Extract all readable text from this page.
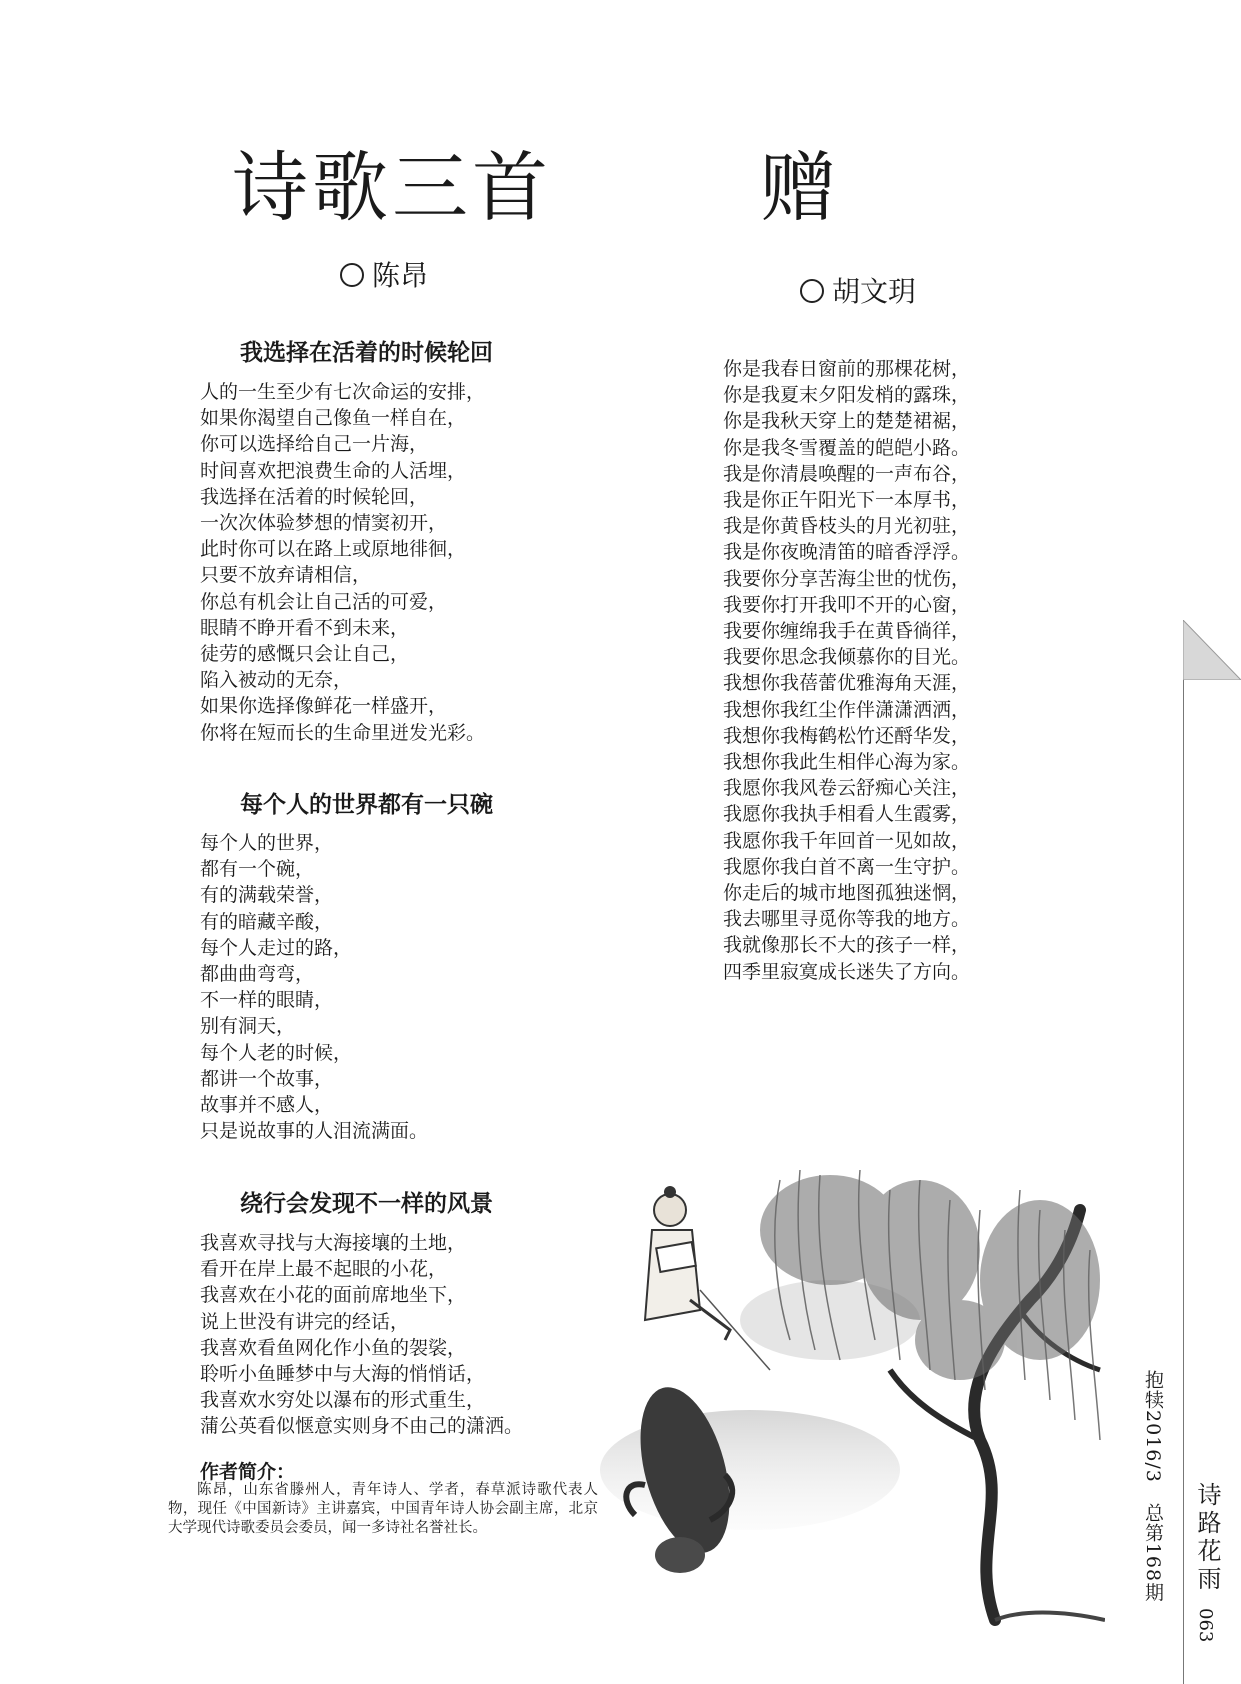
诗歌三首
陈昂
我选择在活着的时候轮回
人的一生至少有七次命运的安排，
如果你渴望自己像鱼一样自在，
你可以选择给自己一片海，
时间喜欢把浪费生命的人活埋，
我选择在活着的时候轮回，
一次次体验梦想的情窦初开，
此时你可以在路上或原地徘徊，
只要不放弃请相信，
你总有机会让自己活的可爱，
眼睛不睁开看不到未来，
徒劳的感慨只会让自己，
陷入被动的无奈，
如果你选择像鲜花一样盛开，
你将在短而长的生命里迸发光彩。
每个人的世界都有一只碗
每个人的世界，
都有一个碗，
有的满载荣誉，
有的暗藏辛酸，
每个人走过的路，
都曲曲弯弯，
不一样的眼睛，
别有洞天，
每个人老的时候，
都讲一个故事，
故事并不感人，
只是说故事的人泪流满面。
绕行会发现不一样的风景
我喜欢寻找与大海接壤的土地，
看开在岸上最不起眼的小花，
我喜欢在小花的面前席地坐下，
说上世没有讲完的经话，
我喜欢看鱼网化作小鱼的袈裟，
聆听小鱼睡梦中与大海的悄悄话，
我喜欢水穷处以瀑布的形式重生，
蒲公英看似惬意实则身不由己的潇洒。
作者简介：
陈昂，山东省滕州人，青年诗人、学者，春草派诗歌代表人物，现任《中国新诗》主讲嘉宾，中国青年诗人协会副主席，北京大学现代诗歌委员会委员，闻一多诗社名誉社长。
赠
胡文玥
你是我春日窗前的那棵花树，
你是我夏末夕阳发梢的露珠，
你是我秋天穿上的楚楚裙裾，
你是我冬雪覆盖的皑皑小路。
我是你清晨唤醒的一声布谷，
我是你正午阳光下一本厚书，
我是你黄昏枝头的月光初驻，
我是你夜晚清笛的暗香浮浮。
我要你分享苦海尘世的忧伤，
我要你打开我叩不开的心窗，
我要你缠绵我手在黄昏徜徉，
我要你思念我倾慕你的目光。
我想你我蓓蕾优雅海角天涯，
我想你我红尘作伴潇潇洒洒，
我想你我梅鹤松竹还酹华发，
我想你我此生相伴心海为家。
我愿你我风卷云舒痴心关注，
我愿你我执手相看人生霞雾，
我愿你我千年回首一见如故，
我愿你我白首不离一生守护。
你走后的城市地图孤独迷惘，
我去哪里寻觅你等我的地方。
我就像那长不大的孩子一样，
四季里寂寞成长迷失了方向。
抱犊2016/3　总第168期 诗路花雨
063
